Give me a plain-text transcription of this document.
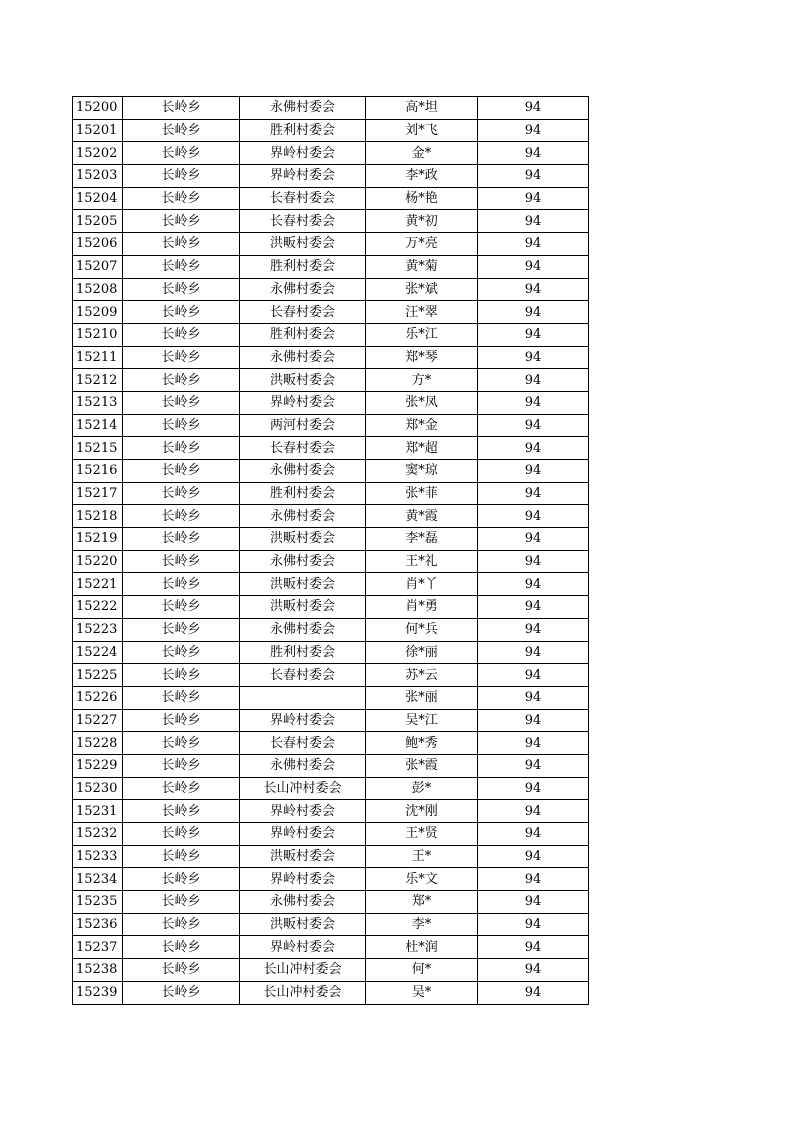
15200	长岭乡	永佛村委会	高*坦	94
15201	长岭乡	胜利村委会	刘*飞	94
15202	长岭乡	界岭村委会	金*	94
15203	长岭乡	界岭村委会	李*政	94
15204	长岭乡	长春村委会	杨*艳	94
15205	长岭乡	长春村委会	黄*初	94
15206	长岭乡	洪畈村委会	万*亮	94
15207	长岭乡	胜利村委会	黄*菊	94
15208	长岭乡	永佛村委会	张*斌	94
15209	长岭乡	长春村委会	汪*翠	94
15210	长岭乡	胜利村委会	乐*江	94
15211	长岭乡	永佛村委会	郑*琴	94
15212	长岭乡	洪畈村委会	方*	94
15213	长岭乡	界岭村委会	张*凤	94
15214	长岭乡	两河村委会	郑*金	94
15215	长岭乡	长春村委会	郑*超	94
15216	长岭乡	永佛村委会	窦*琼	94
15217	长岭乡	胜利村委会	张*菲	94
15218	长岭乡	永佛村委会	黄*霞	94
15219	长岭乡	洪畈村委会	李*磊	94
15220	长岭乡	永佛村委会	王*礼	94
15221	长岭乡	洪畈村委会	肖*丫	94
15222	长岭乡	洪畈村委会	肖*勇	94
15223	长岭乡	永佛村委会	何*兵	94
15224	长岭乡	胜利村委会	徐*丽	94
15225	长岭乡	长春村委会	苏*云	94
15226	长岭乡		张*丽	94
15227	长岭乡	界岭村委会	吴*江	94
15228	长岭乡	长春村委会	鲍*秀	94
15229	长岭乡	永佛村委会	张*霞	94
15230	长岭乡	长山冲村委会	彭*	94
15231	长岭乡	界岭村委会	沈*刚	94
15232	长岭乡	界岭村委会	王*贤	94
15233	长岭乡	洪畈村委会	王*	94
15234	长岭乡	界岭村委会	乐*文	94
15235	长岭乡	永佛村委会	郑*	94
15236	长岭乡	洪畈村委会	李*	94
15237	长岭乡	界岭村委会	杜*润	94
15238	长岭乡	长山冲村委会	何*	94
15239	长岭乡	长山冲村委会	吴*	94
